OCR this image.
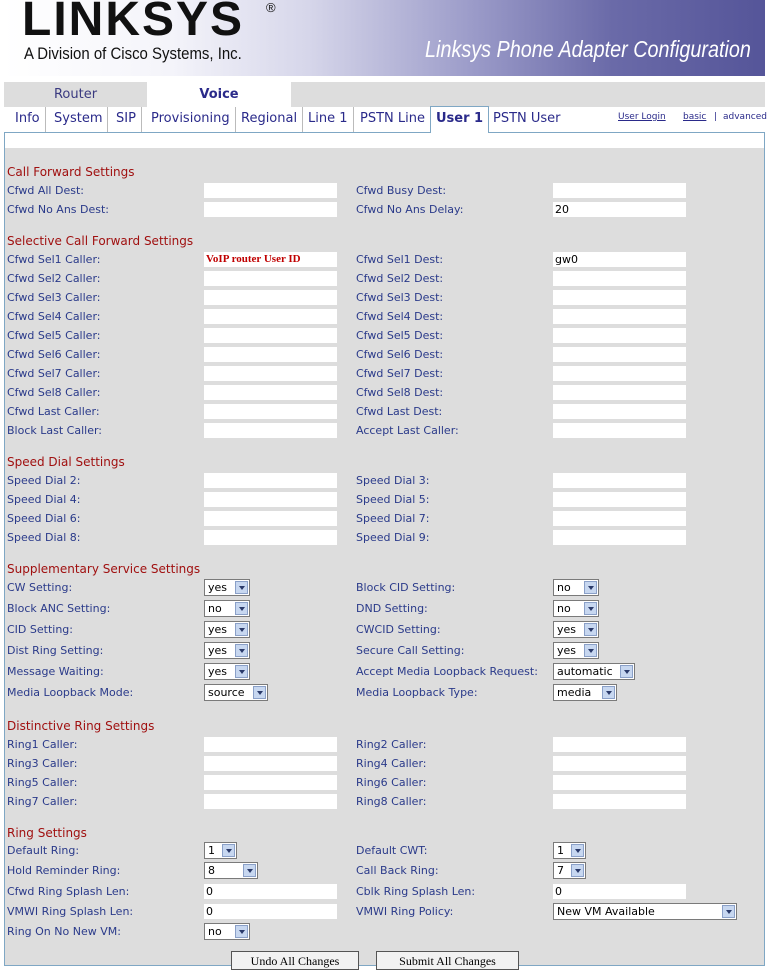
LINKSYS ®
A Division of Cisco Systems, Inc.	Linksys Phone Adapter Configuration
Router	Voice
Info	System	SIP	Provisioning Regional Line 1 PSTN Line User 1 PSTN User	User Login basic | advanced
Call Forward Settings
Cfwd All Dest:	Cfwd Busy Dest:
Cfwd No Ans Dest:	Cfwd No Ans Delay:	20
Selective Call Forward Settings
Cfwd Sel1 Caller:	VoIP router User ID	Cfwd Sel1 Dest:	gw0
Cfwd Sel2 Caller:	Cfwd Sel2 Dest:
Cfwd Sel3 Caller:	Cfwd Sel3 Dest:
Cfwd Sel4 Caller:	Cfwd Sel4 Dest:
Cfwd Sel5 Caller:	Cfwd Sel5 Dest:
Cfwd Sel6 Caller:	Cfwd Sel6 Dest:
Cfwd Sel7 Caller:	Cfwd Sel7 Dest:
Cfwd Sel8 Caller:	Cfwd Sel8 Dest:
Cfwd Last Caller:	Cfwd Last Dest:
Block Last Caller:	Accept Last Caller:
Speed Dial Settings
Speed Dial 2:	Speed Dial 3:
Speed Dial 4:	Speed Dial 5:
Speed Dial 6:	Speed Dial 7:
Speed Dial 8:	Speed Dial 9:
Supplementary Service Settings
CW Setting:	yes	Block CID Setting:	no
Block ANC Setting:	no	DND Setting:	no
CID Setting:	yes	CWCID Setting:	yes
Dist Ring Setting:	yes	Secure Call Setting:	yes
Message Waiting:	yes	Accept Media Loopback Request:	automatic
Media Loopback Mode:	source	Media Loopback Type:	media
Distinctive Ring Settings
Ring1 Caller:	Ring2 Caller:
Ring3 Caller:	Ring4 Caller:
Ring5 Caller:	Ring6 Caller:
Ring7 Caller:	Ring8 Caller:
Ring Settings
Default Ring:	1	Default CWT:	1
Hold Reminder Ring:	8	Call Back Ring:	7
Cfwd Ring Splash Len:	0	Cblk Ring Splash Len:	0
VMWI Ring Splash Len:	0	VMWI Ring Policy:	New VM Available
Ring On No New VM:	no
Undo All Changes	Submit All Changes
